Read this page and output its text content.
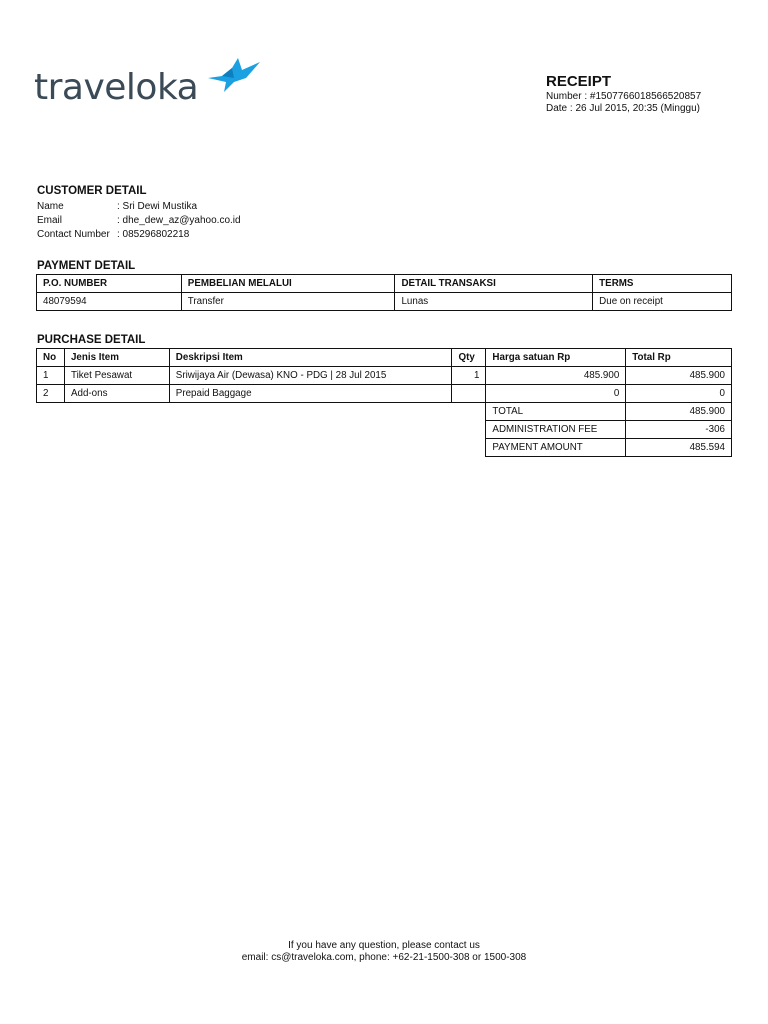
traveloka	RECEIPT
Number : #1507766018566520857
Date : 26 Jul 2015, 20:35 (Minggu)
CUSTOMER DETAIL
Name	: Sri Dewi Mustika
Email	: dhe_dew_az@yahoo.co.id
Contact Number : 085296802218
PAYMENT DETAIL
P.O. NUMBER	PEMBELIAN MELALUI	DETAIL TRANSAKSI	TERMS
48079594	Transfer	Lunas	Due on receipt
PURCHASE DETAIL
No	Jenis Item	Deskripsi Item	Qty	Harga satuan Rp	Total Rp
1	Tiket Pesawat	Sriwijaya Air (Dewasa) KNO - PDG | 28 Jul 2015	1	485.900	485.900
2	Add-ons	Prepaid Baggage		0	0
				TOTAL	485.900
				ADMINISTRATION FEE	-306
				PAYMENT AMOUNT	485.594
If you have any question, please contact us
email: cs@traveloka.com, phone: +62-21-1500-308 or 1500-308
